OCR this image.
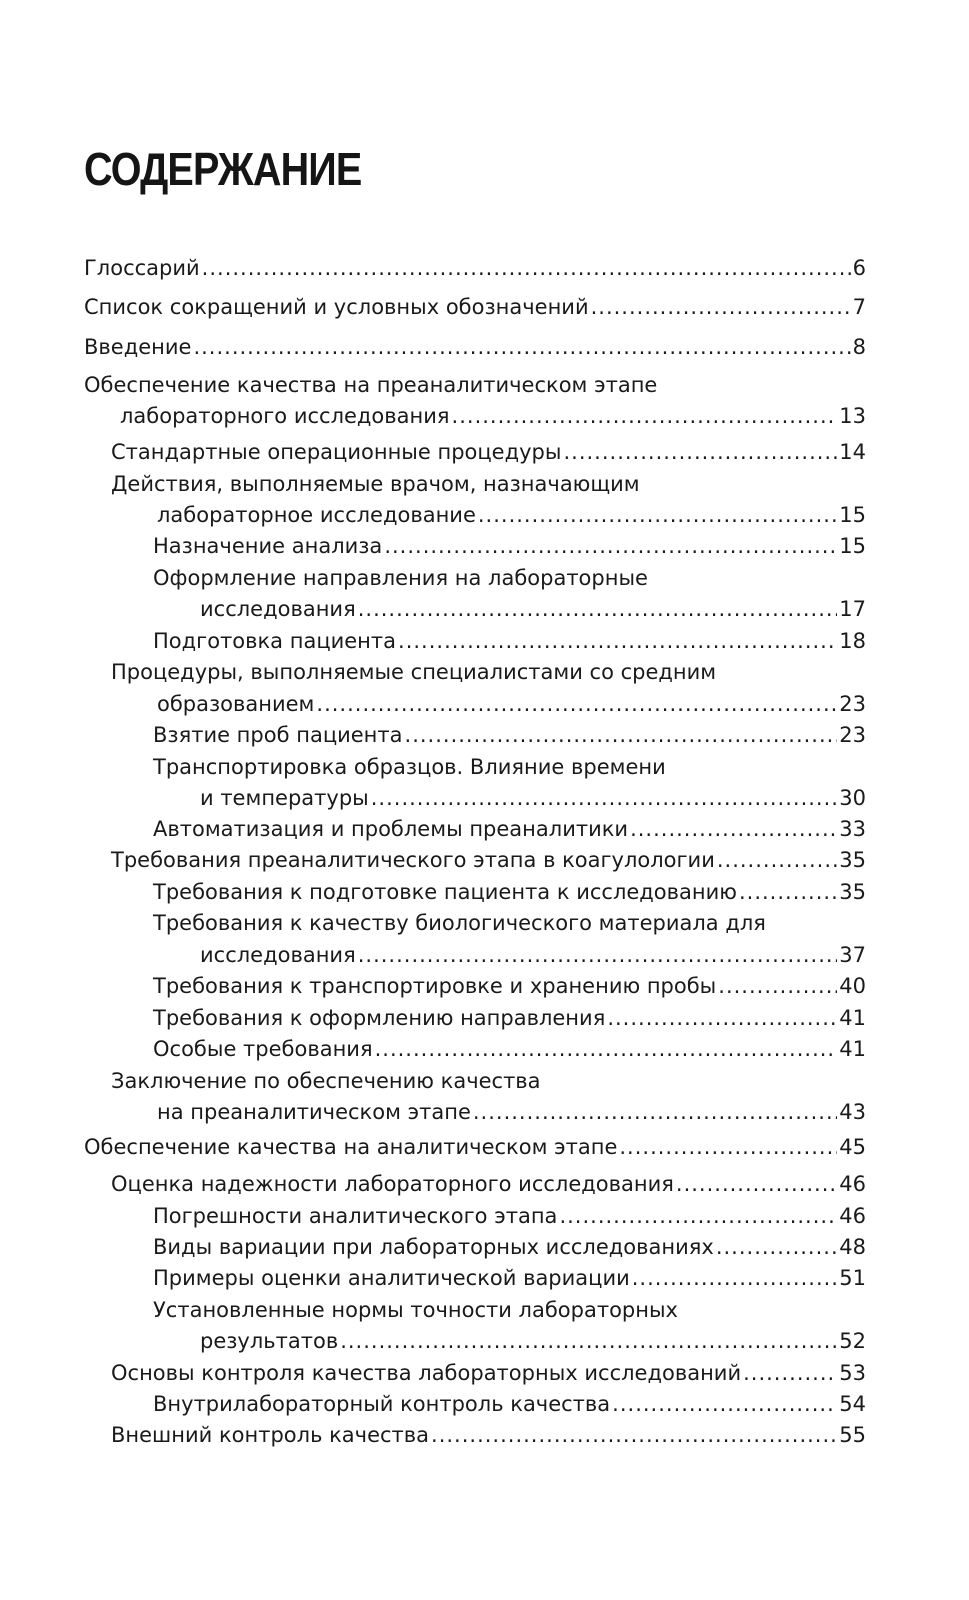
СОДЕРЖАНИЕ
Глоссарий .....	6
Список сокращений и условных обозначений .....	7
Введение .....	8
Обеспечение качества на преаналитическом этапе
лабораторного исследования .....	13
Стандартные операционные процедуры .....	14
Действия, выполняемые врачом, назначающим
лабораторное исследование .....	15
Назначение анализа .....	15
Оформление направления на лабораторные
исследования .....	17
Подготовка пациента .....	18
Процедуры, выполняемые специалистами со средним
образованием .....	23
Взятие проб пациента .....	23
Транспортировка образцов. Влияние времени
и температуры .....	30
Автоматизация и проблемы преаналитики .....	33
Требования преаналитического этапа в коагулологии .....	35
Требования к подготовке пациента к исследованию .....	35
Требования к качеству биологического материала для
исследования .....	37
Требования к транспортировке и хранению пробы .....	40
Требования к оформлению направления .....	41
Особые требования .....	41
Заключение по обеспечению качества
на преаналитическом этапе .....	43
Обеспечение качества на аналитическом этапе .....	45
Оценка надежности лабораторного исследования .....	46
Погрешности аналитического этапа .....	46
Виды вариации при лабораторных исследованиях .....	48
Примеры оценки аналитической вариации .....	51
Установленные нормы точности лабораторных
результатов .....	52
Основы контроля качества лабораторных исследований .....	53
Внутрилабораторный контроль качества .....	54
Внешний контроль качества .....	55
